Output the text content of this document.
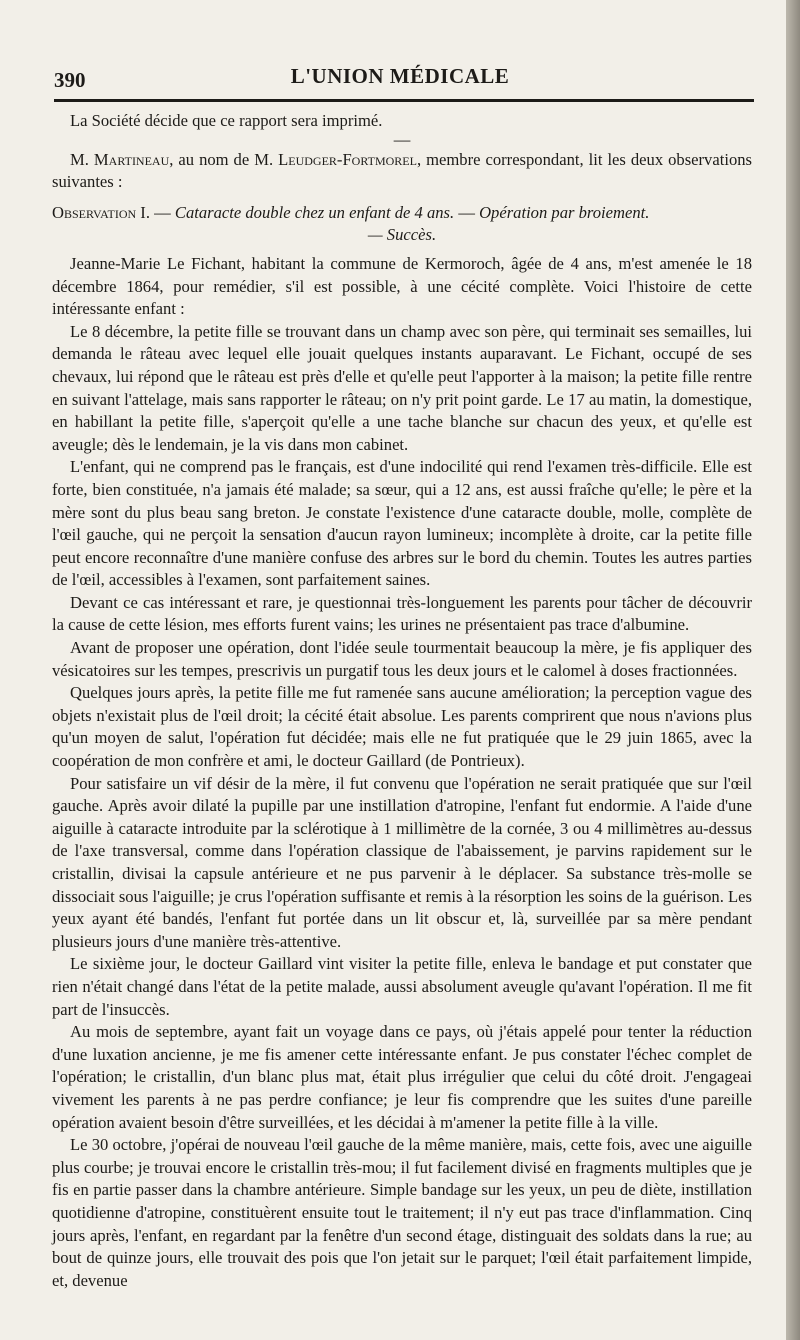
390	L'UNION MÉDICALE

La Société décide que ce rapport sera imprimé.

—

M. Martineau, au nom de M. Leudger-Fortmorel, membre correspondant, lit les deux observations suivantes :

Observation I. — Cataracte double chez un enfant de 4 ans. — Opération par broiement.

— Succès.

Jeanne-Marie Le Fichant, habitant la commune de Kermoroch, âgée de 4 ans, m'est amenée le 18 décembre 1864, pour remédier, s'il est possible, à une cécité complète. Voici l'histoire de cette intéressante enfant :

Le 8 décembre, la petite fille se trouvant dans un champ avec son père, qui terminait ses semailles, lui demanda le râteau avec lequel elle jouait quelques instants auparavant. Le Fichant, occupé de ses chevaux, lui répond que le râteau est près d'elle et qu'elle peut l'apporter à la maison; la petite fille rentre en suivant l'attelage, mais sans rapporter le râteau; on n'y prit point garde. Le 17 au matin, la domestique, en habillant la petite fille, s'aperçoit qu'elle a une tache blanche sur chacun des yeux, et qu'elle est aveugle; dès le lendemain, je la vis dans mon cabinet.

L'enfant, qui ne comprend pas le français, est d'une indocilité qui rend l'examen très-difficile. Elle est forte, bien constituée, n'a jamais été malade; sa sœur, qui a 12 ans, est aussi fraîche qu'elle; le père et la mère sont du plus beau sang breton. Je constate l'existence d'une cataracte double, molle, complète de l'œil gauche, qui ne perçoit la sensation d'aucun rayon lumineux; incomplète à droite, car la petite fille peut encore reconnaître d'une manière confuse des arbres sur le bord du chemin. Toutes les autres parties de l'œil, accessibles à l'examen, sont parfaitement saines.

Devant ce cas intéressant et rare, je questionnai très-longuement les parents pour tâcher de découvrir la cause de cette lésion, mes efforts furent vains; les urines ne présentaient pas trace d'albumine.

Avant de proposer une opération, dont l'idée seule tourmentait beaucoup la mère, je fis appliquer des vésicatoires sur les tempes, prescrivis un purgatif tous les deux jours et le calomel à doses fractionnées.

Quelques jours après, la petite fille me fut ramenée sans aucune amélioration; la perception vague des objets n'existait plus de l'œil droit; la cécité était absolue. Les parents comprirent que nous n'avions plus qu'un moyen de salut, l'opération fut décidée; mais elle ne fut pratiquée que le 29 juin 1865, avec la coopération de mon confrère et ami, le docteur Gaillard (de Pontrieux).

Pour satisfaire un vif désir de la mère, il fut convenu que l'opération ne serait pratiquée que sur l'œil gauche. Après avoir dilaté la pupille par une instillation d'atropine, l'enfant fut endormie. A l'aide d'une aiguille à cataracte introduite par la sclérotique à 1 millimètre de la cornée, 3 ou 4 millimètres au-dessus de l'axe transversal, comme dans l'opération classique de l'abaissement, je parvins rapidement sur le cristallin, divisai la capsule antérieure et ne pus parvenir à le déplacer. Sa substance très-molle se dissociait sous l'aiguille; je crus l'opération suffisante et remis à la résorption les soins de la guérison. Les yeux ayant été bandés, l'enfant fut portée dans un lit obscur et, là, surveillée par sa mère pendant plusieurs jours d'une manière très-attentive.

Le sixième jour, le docteur Gaillard vint visiter la petite fille, enleva le bandage et put constater que rien n'était changé dans l'état de la petite malade, aussi absolument aveugle qu'avant l'opération. Il me fit part de l'insuccès.

Au mois de septembre, ayant fait un voyage dans ce pays, où j'étais appelé pour tenter la réduction d'une luxation ancienne, je me fis amener cette intéressante enfant. Je pus constater l'échec complet de l'opération; le cristallin, d'un blanc plus mat, était plus irrégulier que celui du côté droit. J'engageai vivement les parents à ne pas perdre confiance; je leur fis comprendre que les suites d'une pareille opération avaient besoin d'être surveillées, et les décidai à m'amener la petite fille à la ville.

Le 30 octobre, j'opérai de nouveau l'œil gauche de la même manière, mais, cette fois, avec une aiguille plus courbe; je trouvai encore le cristallin très-mou; il fut facilement divisé en fragments multiples que je fis en partie passer dans la chambre antérieure. Simple bandage sur les yeux, un peu de diète, instillation quotidienne d'atropine, constituèrent ensuite tout le traitement; il n'y eut pas trace d'inflammation. Cinq jours après, l'enfant, en regardant par la fenêtre d'un second étage, distinguait des soldats dans la rue; au bout de quinze jours, elle trouvait des pois que l'on jetait sur le parquet; l'œil était parfaitement limpide, et, devenue
